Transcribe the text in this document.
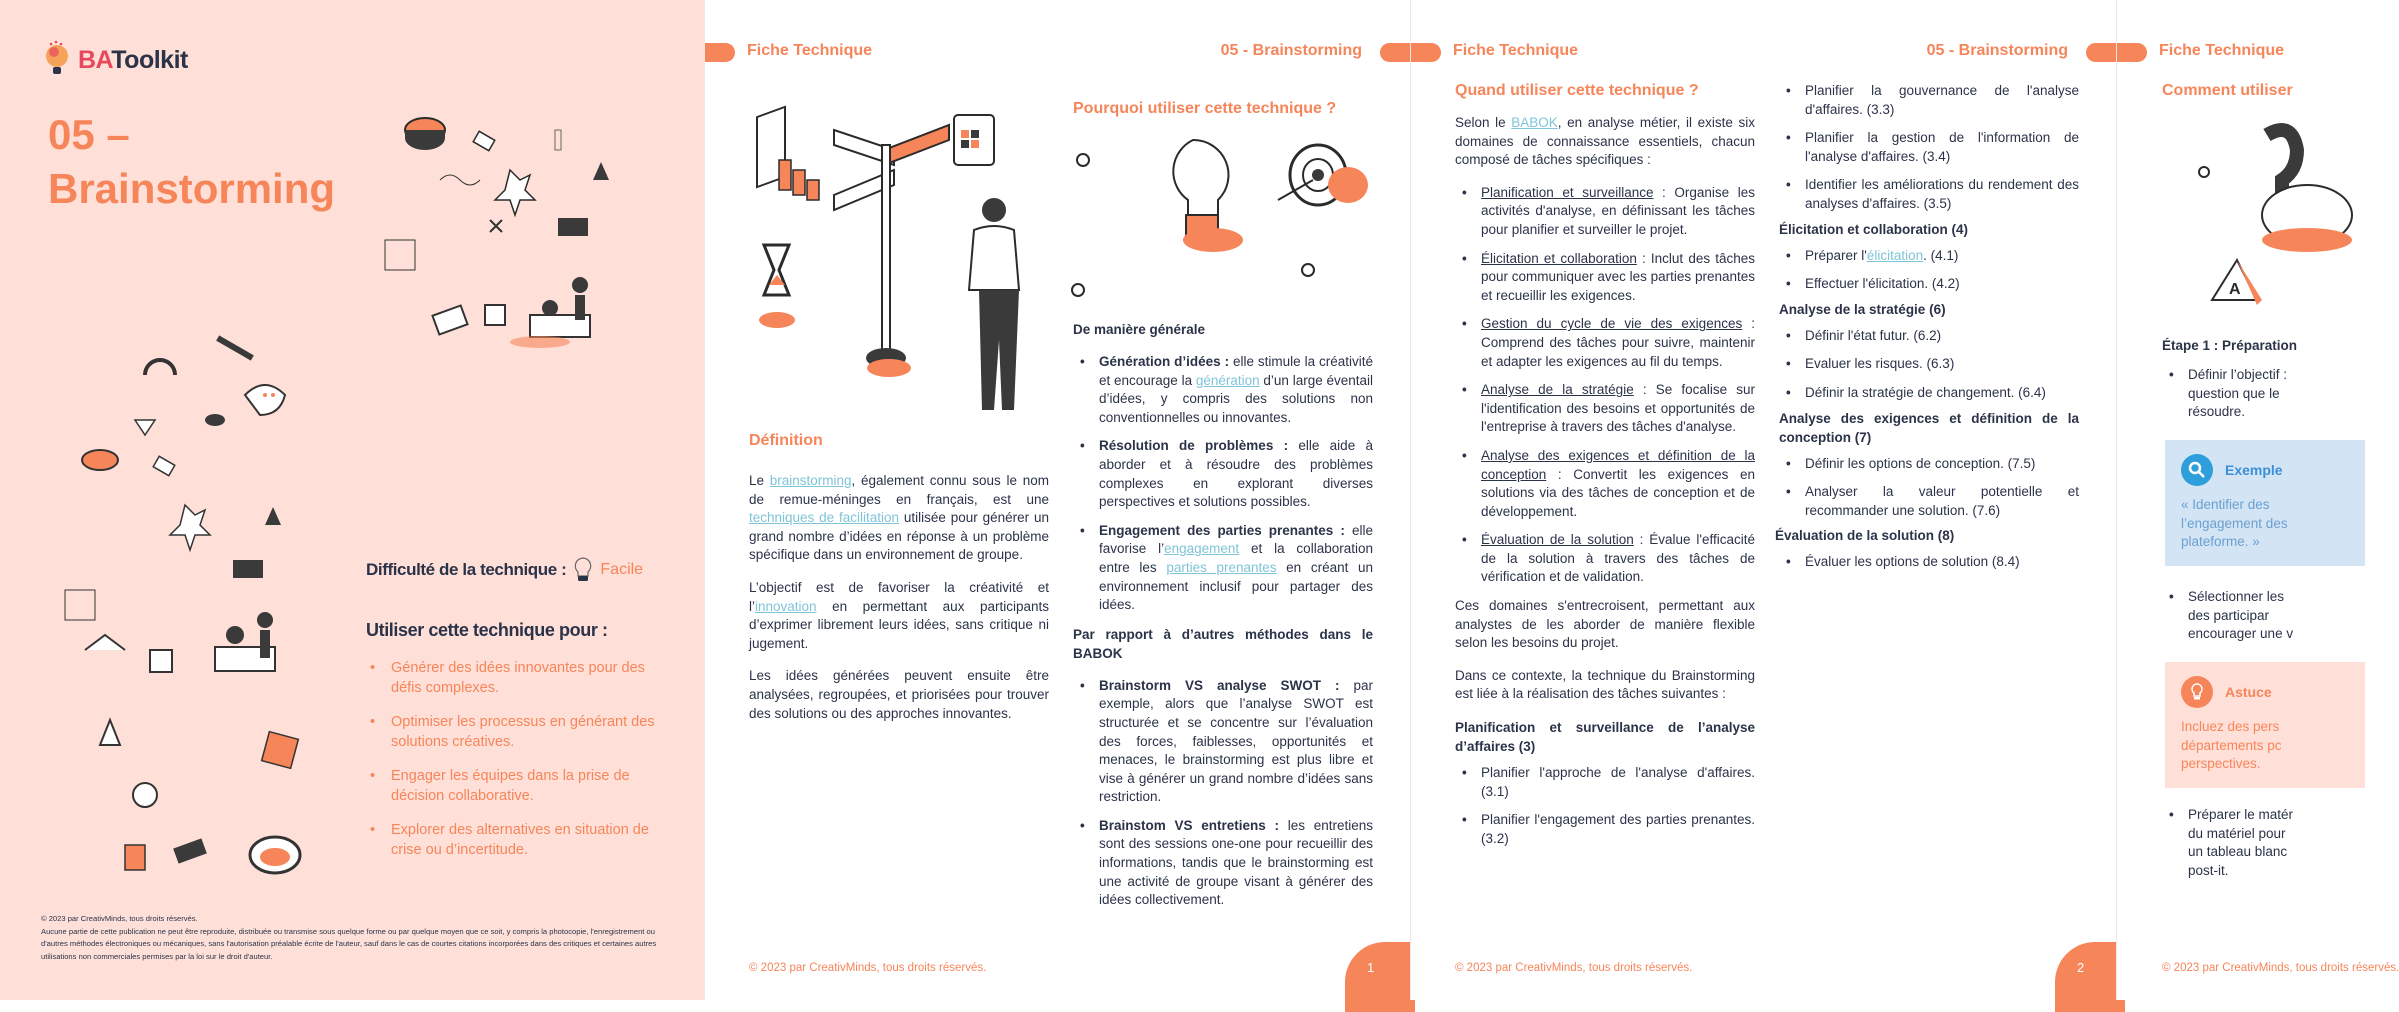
BAToolkit
05 –
Brainstorming
Difficulté de la technique : Facile
Utiliser cette technique pour :
• Générer des idées innovantes pour des défis complexes.
• Optimiser les processus en générant des solutions créatives.
• Engager les équipes dans la prise de décision collaborative.
• Explorer des alternatives en situation de crise ou d’incertitude.
© 2023 par CreativMinds, tous droits réservés.
Aucune partie de cette publication ne peut être reproduite, distribuée ou transmise sous quelque forme ou par quelque moyen que ce soit, y compris la photocopie, l'enregistrement ou d'autres méthodes électroniques ou mécaniques, sans l'autorisation préalable écrite de l'auteur, sauf dans le cas de courtes citations incorporées dans des critiques et certaines autres utilisations non commerciales permises par la loi sur le droit d'auteur.
Fiche Technique	05 - Brainstorming
Définition

Le brainstorming, également connu sous le nom de remue-méninges en français, est une techniques de facilitation utilisée pour générer un grand nombre d’idées en réponse à un problème spécifique dans un environnement de groupe.

L’objectif est de favoriser la créativité et l’innovation en permettant aux participants d’exprimer librement leurs idées, sans critique ni jugement.

Les idées générées peuvent ensuite être analysées, regroupées, et priorisées pour trouver des solutions ou des approches innovantes.

Pourquoi utiliser cette technique ?
De manière générale
• Génération d’idées : elle stimule la créativité et encourage la génération d’un large éventail d’idées, y compris des solutions non conventionnelles ou innovantes.
• Résolution de problèmes : elle aide à aborder et à résoudre des problèmes complexes en explorant diverses perspectives et solutions possibles.
• Engagement des parties prenantes : elle favorise l’engagement et la collaboration entre les parties prenantes en créant un environnement inclusif pour partager des idées.
Par rapport à d’autres méthodes dans le BABOK
• Brainstorm VS analyse SWOT : par exemple, alors que l’analyse SWOT est structurée et se concentre sur l’évaluation des forces, faiblesses, opportunités et menaces, le brainstorming est plus libre et vise à générer un grand nombre d’idées sans restriction.
• Brainstom VS entretiens : les entretiens sont des sessions one-one pour recueillir des informations, tandis que le brainstorming est une activité de groupe visant à générer des idées collectivement.
© 2023 par CreativMinds, tous droits réservés.	1
Fiche Technique	05 - Brainstorming
Quand utiliser cette technique ?

Selon le BABOK, en analyse métier, il existe six domaines de connaissance essentiels, chacun composé de tâches spécifiques :

• Planification et surveillance : Organise les activités d'analyse, en définissant les tâches pour planifier et surveiller le projet.
• Élicitation et collaboration : Inclut des tâches pour communiquer avec les parties prenantes et recueillir les exigences.
• Gestion du cycle de vie des exigences : Comprend des tâches pour suivre, maintenir et adapter les exigences au fil du temps.
• Analyse de la stratégie : Se focalise sur l'identification des besoins et opportunités de l'entreprise à travers des tâches d'analyse.
• Analyse des exigences et définition de la conception : Convertit les exigences en solutions via des tâches de conception et de développement.
• Évaluation de la solution : Évalue l'efficacité de la solution à travers des tâches de vérification et de validation.

Ces domaines s'entrecroisent, permettant aux analystes de les aborder de manière flexible selon les besoins du projet.

Dans ce contexte, la technique du Brainstorming est liée à la réalisation des tâches suivantes :

Planification et surveillance de l’analyse d’affaires (3)
• Planifier l'approche de l'analyse d'affaires. (3.1)
• Planifier l'engagement des parties prenantes. (3.2)
• Planifier la gouvernance de l'analyse d'affaires. (3.3)
• Planifier la gestion de l'information de l'analyse d'affaires. (3.4)
• Identifier les améliorations du rendement des analyses d'affaires. (3.5)
Élicitation et collaboration (4)
• Préparer l'élicitation. (4.1)
• Effectuer l'élicitation. (4.2)
Analyse de la stratégie (6)
• Définir l'état futur. (6.2)
• Evaluer les risques. (6.3)
• Définir la stratégie de changement. (6.4)
Analyse des exigences et définition de la conception (7)
• Définir les options de conception. (7.5)
• Analyser la valeur potentielle et recommander une solution. (7.6)
Évaluation de la solution (8)
• Évaluer les options de solution (8.4)
© 2023 par CreativMinds, tous droits réservés.	2
Fiche Technique
Comment utiliser
A
Étape 1 : Préparation
• Définir l’objectif :
question que le
résoudre.
Exemple
« Identifier des
l’engagement des
plateforme. »
• Sélectionner les
des participar
encourager une v
Astuce
Incluez des pers
départements pc
perspectives.
• Préparer le matér
du matériel pour
un tableau blanc
post-it.
© 2023 par CreativMinds, tous droits réservés.
